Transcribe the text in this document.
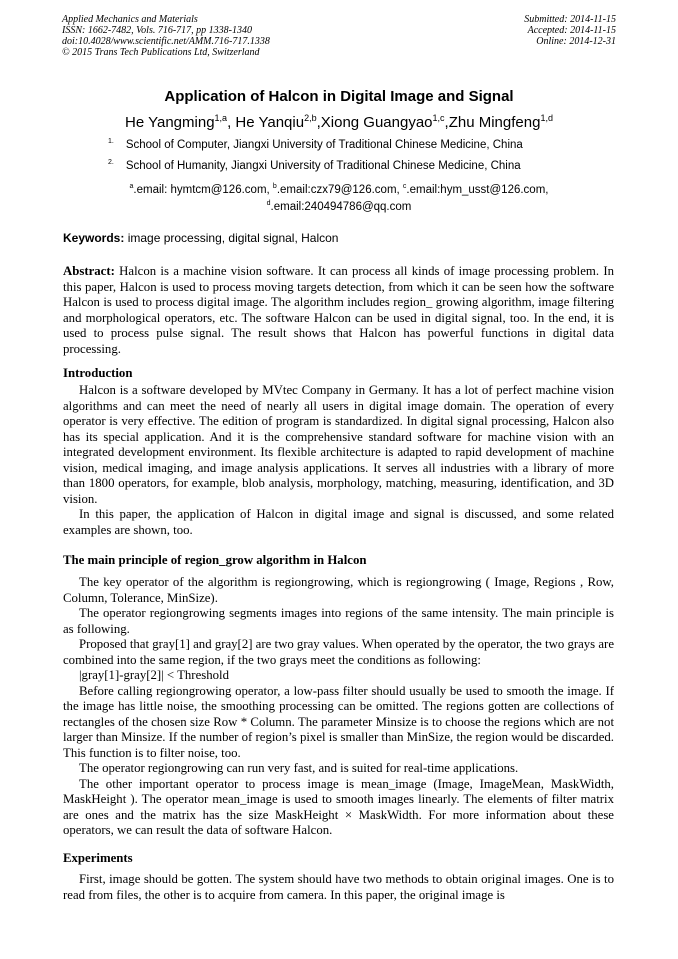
Applied Mechanics and Materials
ISSN: 1662-7482, Vols. 716-717, pp 1338-1340
doi:10.4028/www.scientific.net/AMM.716-717.1338
© 2015 Trans Tech Publications Ltd, Switzerland
Submitted: 2014-11-15
Accepted: 2014-11-15
Online: 2014-12-31
Application of Halcon in Digital Image and Signal
He Yangming$^{1,a}$, He Yanqiu$^{2,b}$,Xiong Guangyao$^{1,c}$,Zhu Mingfeng$^{1,d}$
$^{1.}$ School of Computer, Jiangxi University of Traditional Chinese Medicine, China
$^{2.}$ School of Humanity, Jiangxi University of Traditional Chinese Medicine, China
$^a$.email: hymtcm@126.com, $^b$.email:czx79@126.com, $^c$.email:hym_usst@126.com,
$^d$.email:240494786@qq.com
Keywords: image processing, digital signal, Halcon

Abstract: Halcon is a machine vision software. It can process all kinds of image processing problem. In this paper, Halcon is used to process moving targets detection, from which it can be seen how the software Halcon is used to process digital image. The algorithm includes region_ growing algorithm, image filtering and morphological operators, etc. The software Halcon can be used in digital signal, too. In the end, it is used to process pulse signal. The result shows that Halcon has powerful functions in digital data processing.

Introduction

Halcon is a software developed by MVtec Company in Germany. It has a lot of perfect machine vision algorithms and can meet the need of nearly all users in digital image domain. The operation of every operator is very effective. The edition of program is standardized. In digital signal processing, Halcon also has its special application. And it is the comprehensive standard software for machine vision with an integrated development environment. Its flexible architecture is adapted to rapid development of machine vision, medical imaging, and image analysis applications. It serves all industries with a library of more than 1800 operators, for example, blob analysis, morphology, matching, measuring, identification, and 3D vision.

In this paper, the application of Halcon in digital image and signal is discussed, and some related examples are shown, too.

The main principle of region_grow algorithm in Halcon

The key operator of the algorithm is regiongrowing, which is regiongrowing ( Image, Regions , Row, Column, Tolerance, MinSize).

The operator regiongrowing segments images into regions of the same intensity. The main principle is as following.

Proposed that gray[1] and gray[2] are two gray values. When operated by the operator, the two grays are combined into the same region, if the two grays meet the conditions as following:

|gray[1]-gray[2]| < Threshold

Before calling regiongrowing operator, a low-pass filter should usually be used to smooth the image. If the image has little noise, the smoothing processing can be omitted. The regions gotten are collections of rectangles of the chosen size Row * Column. The parameter Minsize is to choose the regions which are not larger than Minsize. If the number of region’s pixel is smaller than MinSize, the region would be discarded. This function is to filter noise, too.

The operator regiongrowing can run very fast, and is suited for real-time applications.

The other important operator to process image is mean_image (Image, ImageMean, MaskWidth, MaskHeight ). The operator mean_image is used to smooth images linearly. The elements of filter matrix are ones and the matrix has the size MaskHeight × MaskWidth. For more information about these operators, we can result the data of software Halcon.

Experiments

First, image should be gotten. The system should have two methods to obtain original images. One is to read from files, the other is to acquire from camera. In this paper, the original image is
